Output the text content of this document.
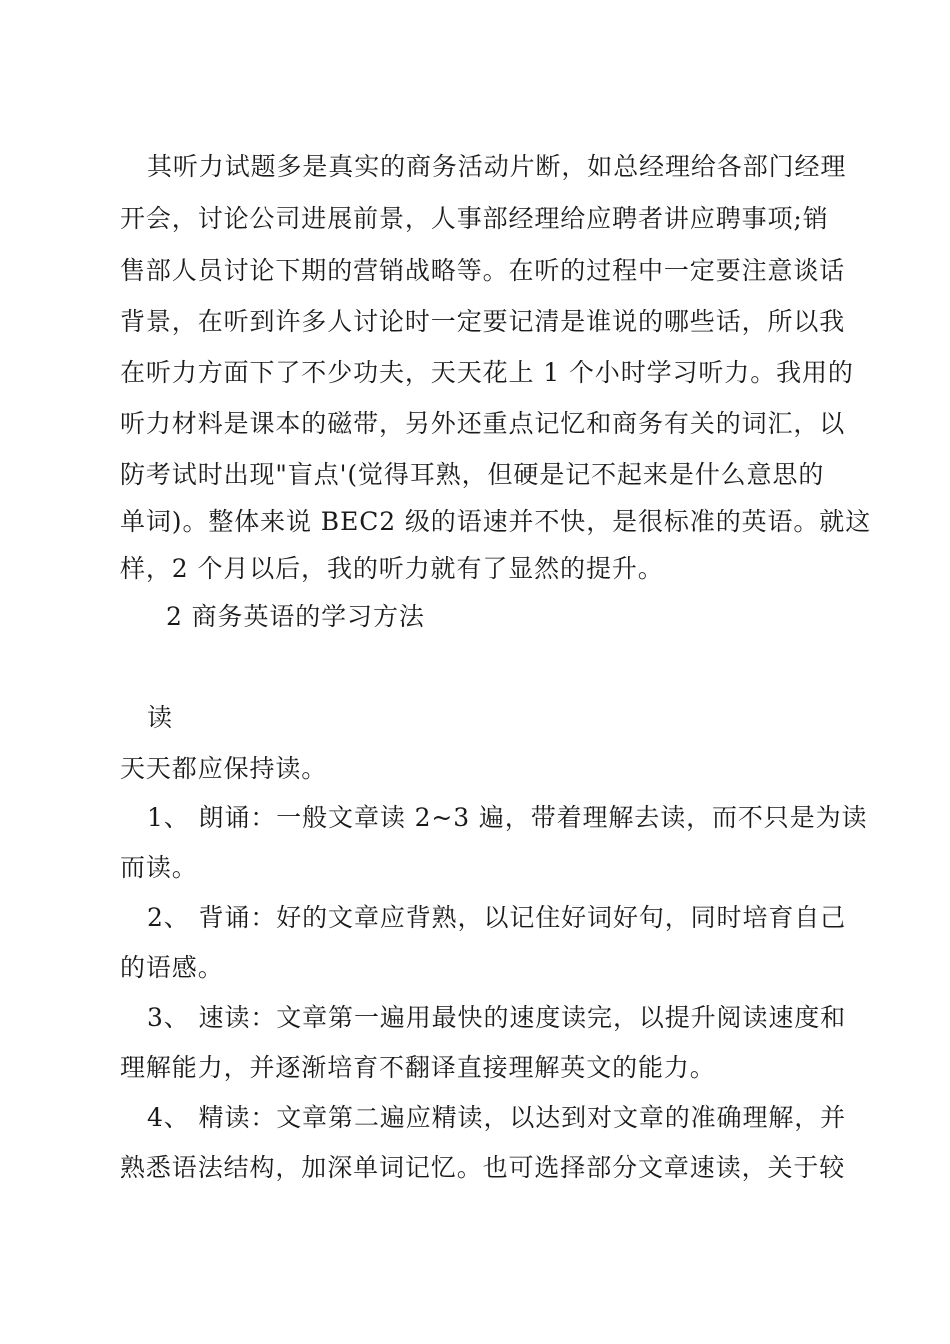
其听力试题多是真实的商务活动片断，如总经理给各部门经理
开会，讨论公司进展前景，人事部经理给应聘者讲应聘事项;销
售部人员讨论下期的营销战略等。在听的过程中一定要注意谈话
背景，在听到许多人讨论时一定要记清是谁说的哪些话，所以我
在听力方面下了不少功夫，天天花上 1 个小时学习听力。我用的
听力材料是课本的磁带，另外还重点记忆和商务有关的词汇，以
防考试时出现"盲点'(觉得耳熟，但硬是记不起来是什么意思的
单词)。整体来说 BEC2 级的语速并不快，是很标准的英语。就这
样，2 个月以后，我的听力就有了显然的提升。
2 商务英语的学习方法
读
天天都应保持读。
1、 朗诵：一般文章读 2~3 遍，带着理解去读，而不只是为读
而读。
2、 背诵：好的文章应背熟，以记住好词好句，同时培育自己
的语感。
3、 速读：文章第一遍用最快的速度读完，以提升阅读速度和
理解能力，并逐渐培育不翻译直接理解英文的能力。
4、 精读：文章第二遍应精读，以达到对文章的准确理解，并
熟悉语法结构，加深单词记忆。也可选择部分文章速读，关于较
